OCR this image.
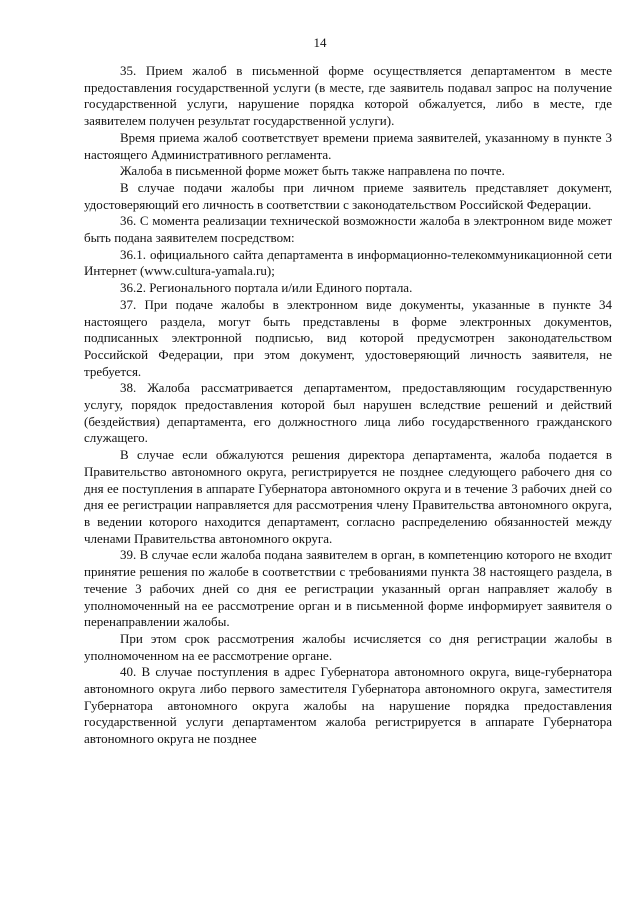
14

35. Прием жалоб в письменной форме осуществляется департаментом в месте предоставления государственной услуги (в месте, где заявитель подавал запрос на получение государственной услуги, нарушение порядка которой обжалуется, либо в месте, где заявителем получен результат государственной услуги).

Время приема жалоб соответствует времени приема заявителей, указанному в пункте 3 настоящего Административного регламента.

Жалоба в письменной форме может быть также направлена по почте.

В случае подачи жалобы при личном приеме заявитель представляет документ, удостоверяющий его личность в соответствии с законодательством Российской Федерации.

36. С момента реализации технической возможности жалоба в электронном виде может быть подана заявителем посредством:

36.1. официального сайта департамента в информационно-телекоммуникационной сети Интернет (www.cultura-yamala.ru);

36.2. Регионального портала и/или Единого портала.

37. При подаче жалобы в электронном виде документы, указанные в пункте 34 настоящего раздела, могут быть представлены в форме электронных документов, подписанных электронной подписью, вид которой предусмотрен законодательством Российской Федерации, при этом документ, удостоверяющий личность заявителя, не требуется.

38. Жалоба рассматривается департаментом, предоставляющим государственную услугу, порядок предоставления которой был нарушен вследствие решений и действий (бездействия) департамента, его должностного лица либо государственного гражданского служащего.

В случае если обжалуются решения директора департамента, жалоба подается в Правительство автономного округа, регистрируется не позднее следующего рабочего дня со дня ее поступления в аппарате Губернатора автономного округа и в течение 3 рабочих дней со дня ее регистрации направляется для рассмотрения члену Правительства автономного округа, в ведении которого находится департамент, согласно распределению обязанностей между членами Правительства автономного округа.

39. В случае если жалоба подана заявителем в орган, в компетенцию которого не входит принятие решения по жалобе в соответствии с требованиями пункта 38 настоящего раздела, в течение 3 рабочих дней со дня ее регистрации указанный орган направляет жалобу в уполномоченный на ее рассмотрение орган и в письменной форме информирует заявителя о перенаправлении жалобы.

При этом срок рассмотрения жалобы исчисляется со дня регистрации жалобы в уполномоченном на ее рассмотрение органе.

40. В случае поступления в адрес Губернатора автономного округа, вице-губернатора автономного округа либо первого заместителя Губернатора автономного округа, заместителя Губернатора автономного округа жалобы на нарушение порядка предоставления государственной услуги департаментом жалоба регистрируется в аппарате Губернатора автономного округа не позднее
